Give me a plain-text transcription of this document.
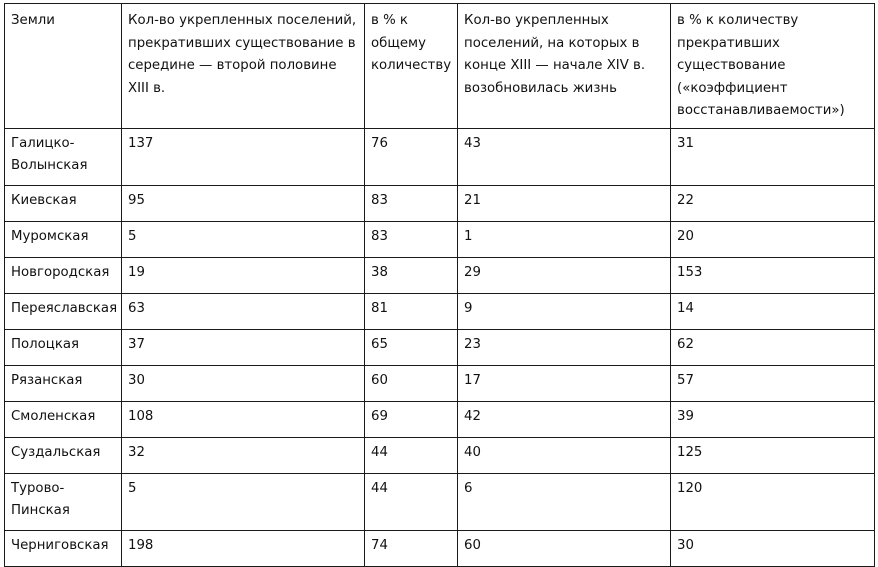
Земли	Кол-во укрепленных поселений, прекративших существование в середине — второй половине XIII в.	в % к общему количеству	Кол-во укрепленных поселений, на которых в конце XIII — начале XIV в. возобновилась жизнь	в % к количеству прекративших существование («коэффициент восстанавливаемости»)
Галицко-Волынская	137	76	43	31
Киевская	95	83	21	22
Муромская	5	83	1	20
Новгородская	19	38	29	153
Переяславская	63	81	9	14
Полоцкая	37	65	23	62
Рязанская	30	60	17	57
Смоленская	108	69	42	39
Суздальская	32	44	40	125
Турово-Пинская	5	44	6	120
Черниговская	198	74	60	30
